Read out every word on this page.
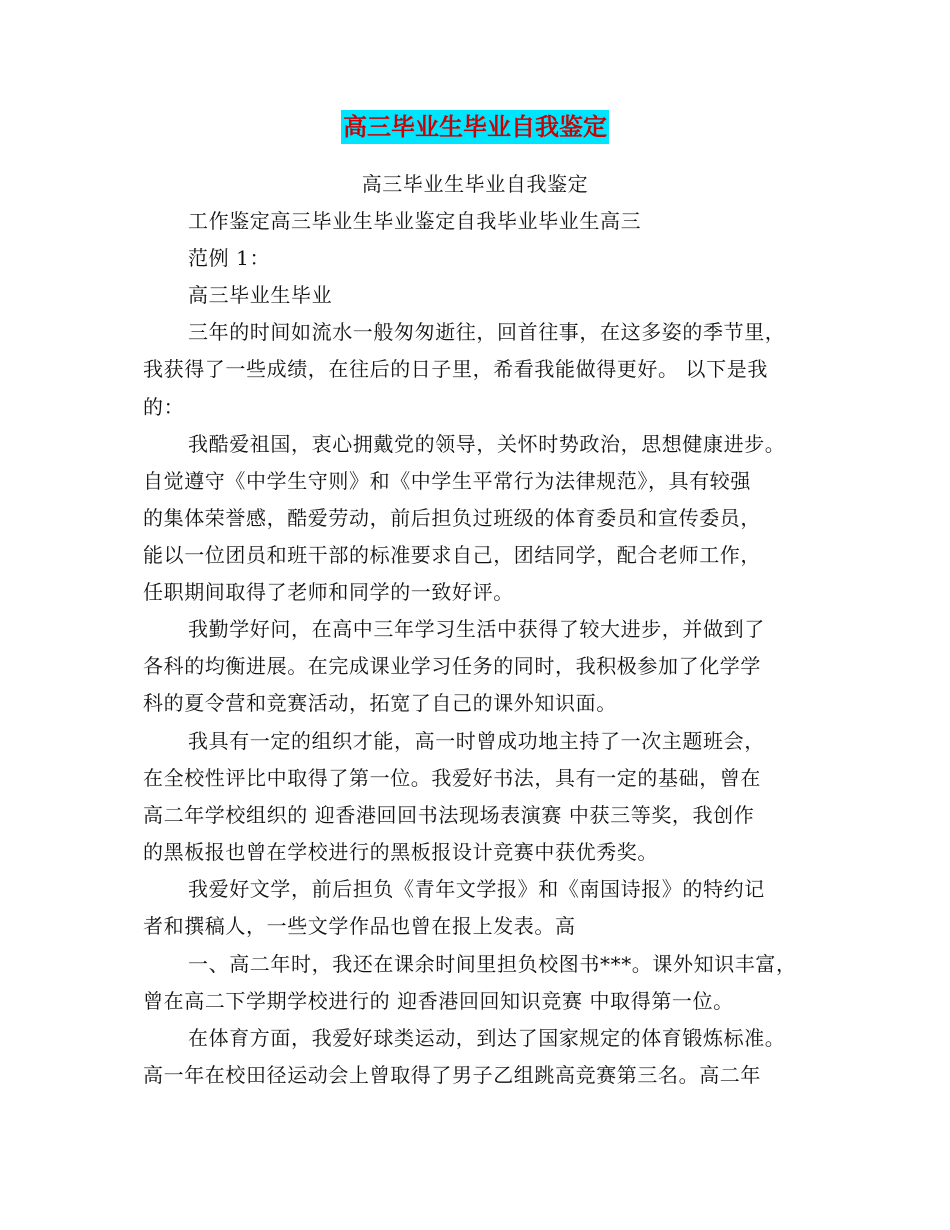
高三毕业生毕业自我鉴定
高三毕业生毕业自我鉴定
工作鉴定高三毕业生毕业鉴定自我毕业毕业生高三
范例 1：
高三毕业生毕业
三年的时间如流水一般匆匆逝往，回首往事，在这多姿的季节里，
我获得了一些成绩，在往后的日子里，希看我能做得更好。 以下是我
的：
我酷爱祖国，衷心拥戴党的领导，关怀时势政治，思想健康进步。
自觉遵守《中学生守则》和《中学生平常行为法律规范》，具有较强
的集体荣誉感，酷爱劳动，前后担负过班级的体育委员和宣传委员，
能以一位团员和班干部的标准要求自己，团结同学，配合老师工作，
任职期间取得了老师和同学的一致好评。
我勤学好问，在高中三年学习生活中获得了较大进步，并做到了
各科的均衡进展。在完成课业学习任务的同时，我积极参加了化学学
科的夏令营和竞赛活动，拓宽了自己的课外知识面。
我具有一定的组织才能，高一时曾成功地主持了一次主题班会，
在全校性评比中取得了第一位。我爱好书法，具有一定的基础，曾在
高二年学校组织的 迎香港回回书法现场表演赛 中获三等奖，我创作
的黑板报也曾在学校进行的黑板报设计竞赛中获优秀奖。
我爱好文学，前后担负《青年文学报》和《南国诗报》的特约记
者和撰稿人，一些文学作品也曾在报上发表。高
一、高二年时，我还在课余时间里担负校图书***。课外知识丰富，
曾在高二下学期学校进行的 迎香港回回知识竞赛 中取得第一位。
在体育方面，我爱好球类运动，到达了国家规定的体育锻炼标准。
高一年在校田径运动会上曾取得了男子乙组跳高竞赛第三名。高二年
